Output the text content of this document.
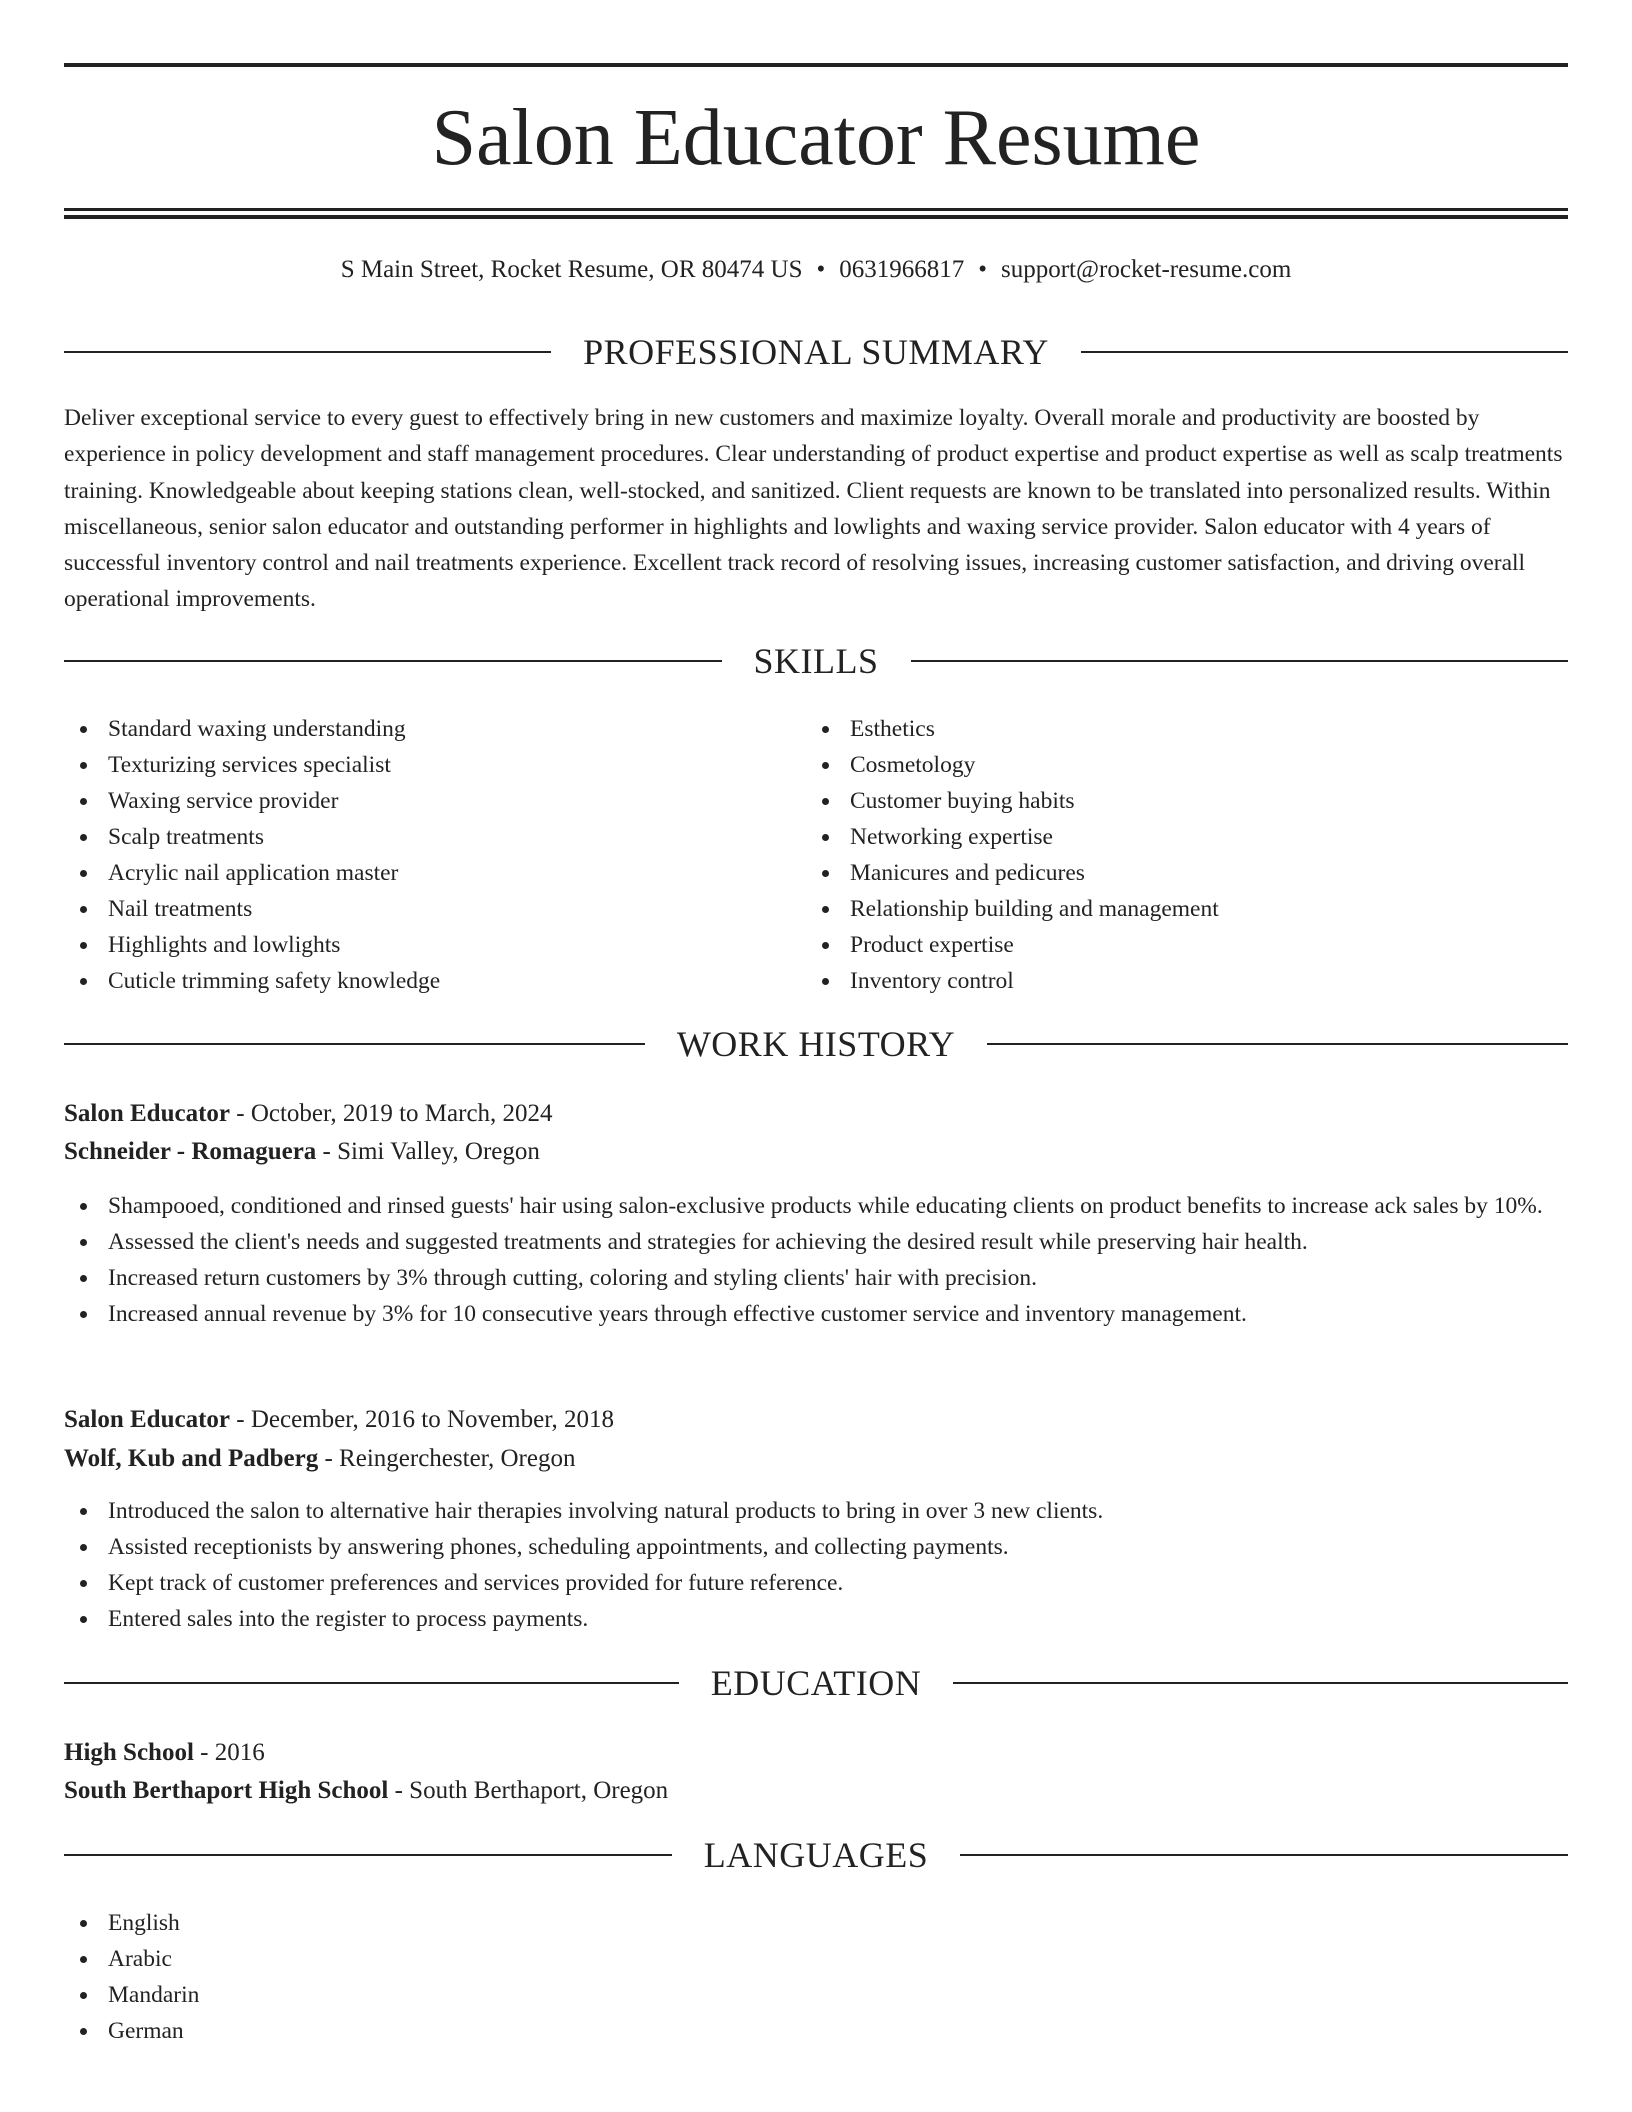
Salon Educator Resume
S Main Street, Rocket Resume, OR 80474 US • 0631966817 • support@rocket-resume.com
PROFESSIONAL SUMMARY

Deliver exceptional service to every guest to effectively bring in new customers and maximize loyalty. Overall morale and productivity are boosted by experience in policy development and staff management procedures. Clear understanding of product expertise and product expertise as well as scalp treatments training. Knowledgeable about keeping stations clean, well-stocked, and sanitized. Client requests are known to be translated into personalized results. Within miscellaneous, senior salon educator and outstanding performer in highlights and lowlights and waxing service provider. Salon educator with 4 years of successful inventory control and nail treatments experience. Excellent track record of resolving issues, increasing customer satisfaction, and driving overall operational improvements.

SKILLS
Standard waxing understanding
Texturizing services specialist
Waxing service provider
Scalp treatments
Acrylic nail application master
Nail treatments
Highlights and lowlights
Cuticle trimming safety knowledge
Esthetics
Cosmetology
Customer buying habits
Networking expertise
Manicures and pedicures
Relationship building and management
Product expertise
Inventory control
WORK HISTORY
Salon Educator - October, 2019 to March, 2024
Schneider - Romaguera - Simi Valley, Oregon
Shampooed, conditioned and rinsed guests' hair using salon-exclusive products while educating clients on product benefits to increase ack sales by 10%.
Assessed the client's needs and suggested treatments and strategies for achieving the desired result while preserving hair health.
Increased return customers by 3% through cutting, coloring and styling clients' hair with precision.
Increased annual revenue by 3% for 10 consecutive years through effective customer service and inventory management.
Salon Educator - December, 2016 to November, 2018
Wolf, Kub and Padberg - Reingerchester, Oregon
Introduced the salon to alternative hair therapies involving natural products to bring in over 3 new clients.
Assisted receptionists by answering phones, scheduling appointments, and collecting payments.
Kept track of customer preferences and services provided for future reference.
Entered sales into the register to process payments.
EDUCATION
High School - 2016
South Berthaport High School - South Berthaport, Oregon
LANGUAGES
English
Arabic
Mandarin
German
